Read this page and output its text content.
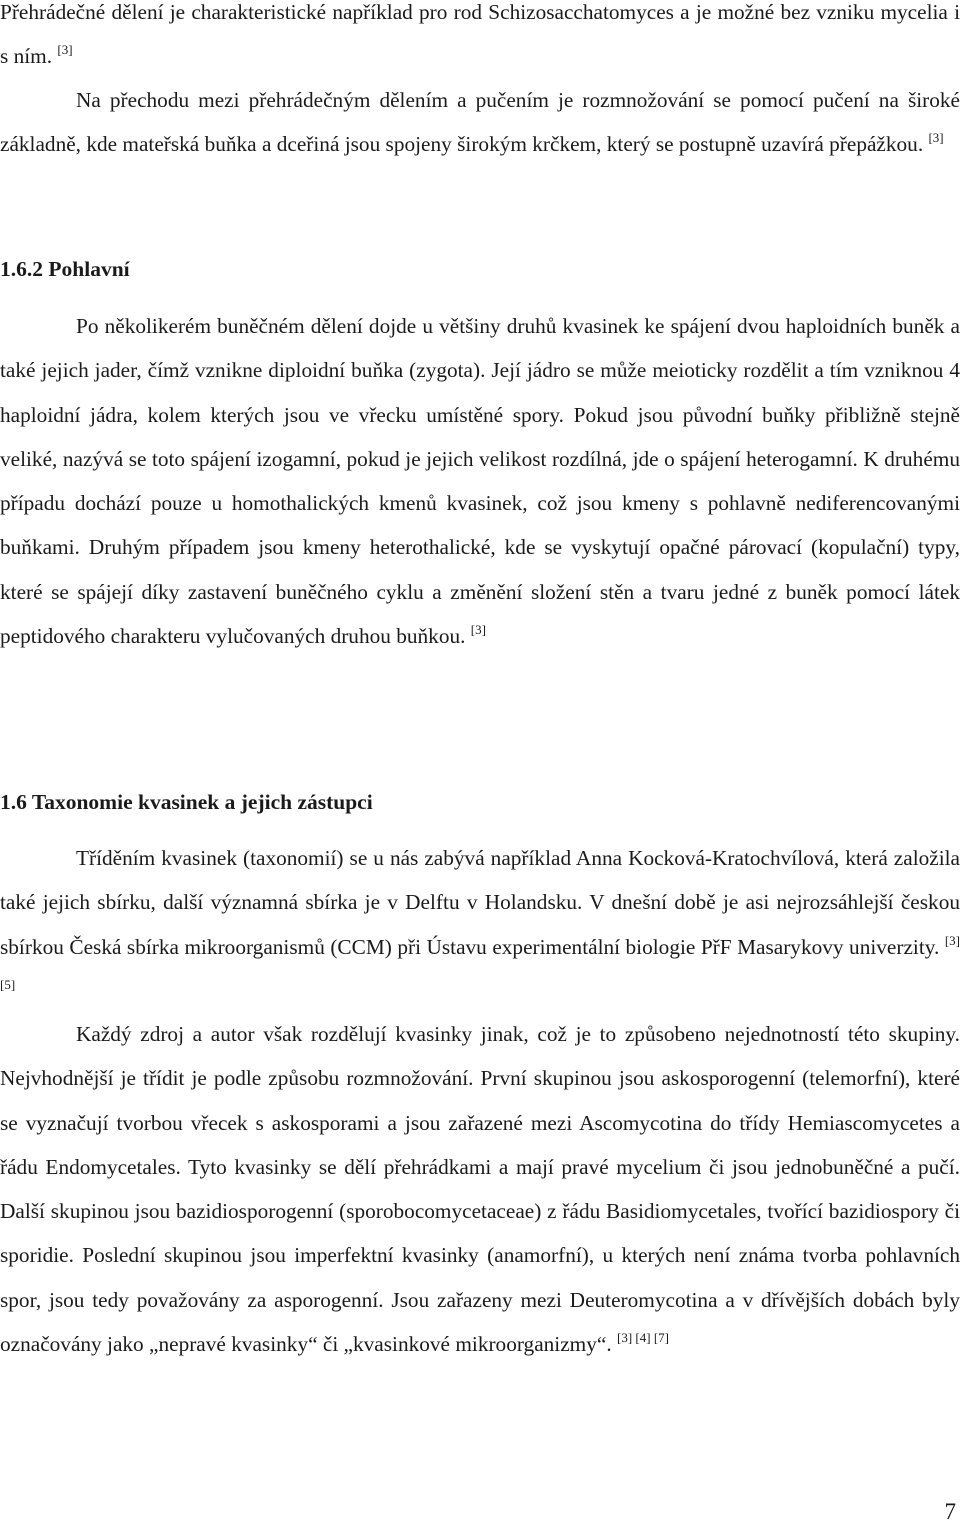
Přehrádečné dělení je charakteristické například pro rod Schizosacchatomyces a je možné bez vzniku mycelia i s ním. [3]

Na přechodu mezi přehrádečným dělením a pučením je rozmnožování se pomocí pučení na široké základně, kde mateřská buňka a dceřiná jsou spojeny širokým krčkem, který se postupně uzavírá přepážkou. [3]

1.6.2 Pohlavní

Po několikerém buněčném dělení dojde u většiny druhů kvasinek ke spájení dvou haploidních buněk a také jejich jader, čímž vznikne diploidní buňka (zygota). Její jádro se může meioticky rozdělit a tím vzniknou 4 haploidní jádra, kolem kterých jsou ve vřecku umístěné spory. Pokud jsou původní buňky přibližně stejně veliké, nazývá se toto spájení izogamní, pokud je jejich velikost rozdílná, jde o spájení heterogamní. K druhému případu dochází pouze u homothalických kmenů kvasinek, což jsou kmeny s pohlavně nediferencovanými buňkami. Druhým případem jsou kmeny heterothalické, kde se vyskytují opačné párovací (kopulační) typy, které se spájejí díky zastavení buněčného cyklu a změnění složení stěn a tvaru jedné z buněk pomocí látek peptidového charakteru vylučovaných druhou buňkou. [3]

1.6 Taxonomie kvasinek a jejich zástupci

Tříděním kvasinek (taxonomií) se u nás zabývá například Anna Kocková-Kratochvílová, která založila také jejich sbírku, další významná sbírka je v Delftu v Holandsku. V dnešní době je asi nejrozsáhlejší českou sbírkou Česká sbírka mikroorganismů (CCM) při Ústavu experimentální biologie PřF Masarykovy univerzity. [3][5]

Každý zdroj a autor však rozdělují kvasinky jinak, což je to způsobeno nejednotností této skupiny. Nejvhodnější je třídit je podle způsobu rozmnožování. První skupinou jsou askosporogenní (telemorfní), které se vyznačují tvorbou vřecek s askosporami a jsou zařazené mezi Ascomycotina do třídy Hemiascomycetes a řádu Endomycetales. Tyto kvasinky se dělí přehrádkami a mají pravé mycelium či jsou jednobuněčné a pučí. Další skupinou jsou bazidiosporogenní (sporobocomycetaceae) z řádu Basidiomycetales, tvořící bazidiospory či sporidie. Poslední skupinou jsou imperfektní kvasinky (anamorfní), u kterých není známa tvorba pohlavních spor, jsou tedy považovány za asporogenní. Jsou zařazeny mezi Deuteromycotina a v dřívějších dobách byly označovány jako „nepravé kvasinky“ či „kvasinkové mikroorganizmy“. [3] [4] [7]

7
